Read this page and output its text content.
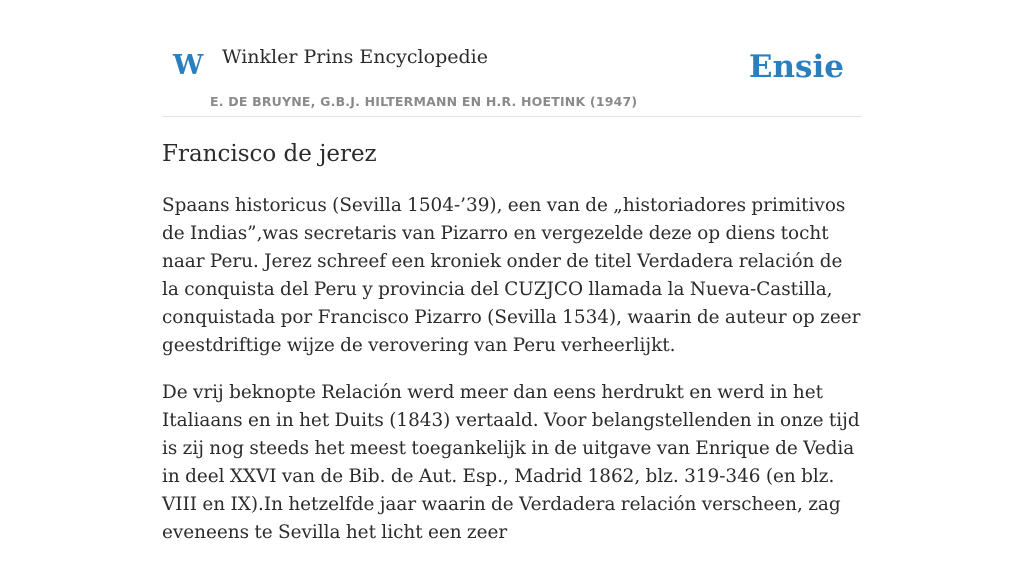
W Winkler Prins Encyclopedie
E. DE BRUYNE, G.B.J. HILTERMANN EN H.R. HOETINK (1947)
Ensie
Francisco de jerez

Spaans historicus (Sevilla 1504-’39), een van de „historiadores primitivos de Indias”,was secretaris van Pizarro en vergezelde deze op diens tocht naar Peru. Jerez schreef een kroniek onder de titel Verdadera relación de la conquista del Peru y provincia del CUZJCO llamada la Nueva-Castilla, conquistada por Francisco Pizarro (Sevilla 1534), waarin de auteur op zeer geestdriftige wijze de verovering van Peru verheerlijkt.

De vrij beknopte Relación werd meer dan eens herdrukt en werd in het Italiaans en in het Duits (1843) vertaald. Voor belangstellenden in onze tijd is zij nog steeds het meest toegankelijk in de uitgave van Enrique de Vedia in deel XXVI van de Bib. de Aut. Esp., Madrid 1862, blz. 319-346 (en blz. VIII en IX).In hetzelfde jaar waarin de Verdadera relación verscheen, zag eveneens te Sevilla het licht een zeer
